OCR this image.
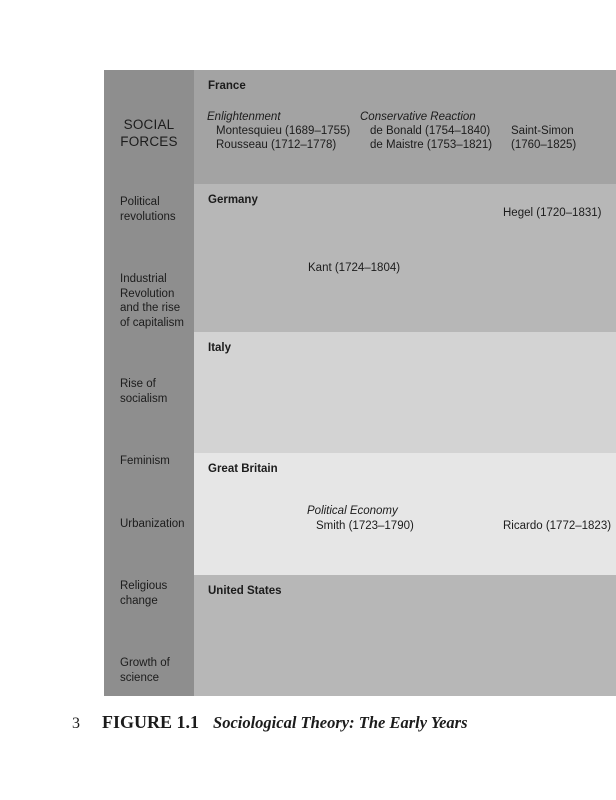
SOCIAL
FORCES
Political
revolutions
Industrial
Revolution
and the rise
of capitalism
Rise of
socialism
Feminism
Urbanization
Religious
change
Growth of
science
France
Enlightenment
Montesquieu (1689–1755)
Rousseau (1712–1778)
Conservative Reaction
de Bonald (1754–1840)
de Maistre (1753–1821)
Saint-Simon
(1760–1825)
Germany
Hegel (1720–1831)
Kant (1724–1804)
Italy
Great Britain
Political Economy
Smith (1723–1790)	Ricardo (1772–1823)
United States
3 FIGURE 1.1 Sociological Theory: The Early Years
